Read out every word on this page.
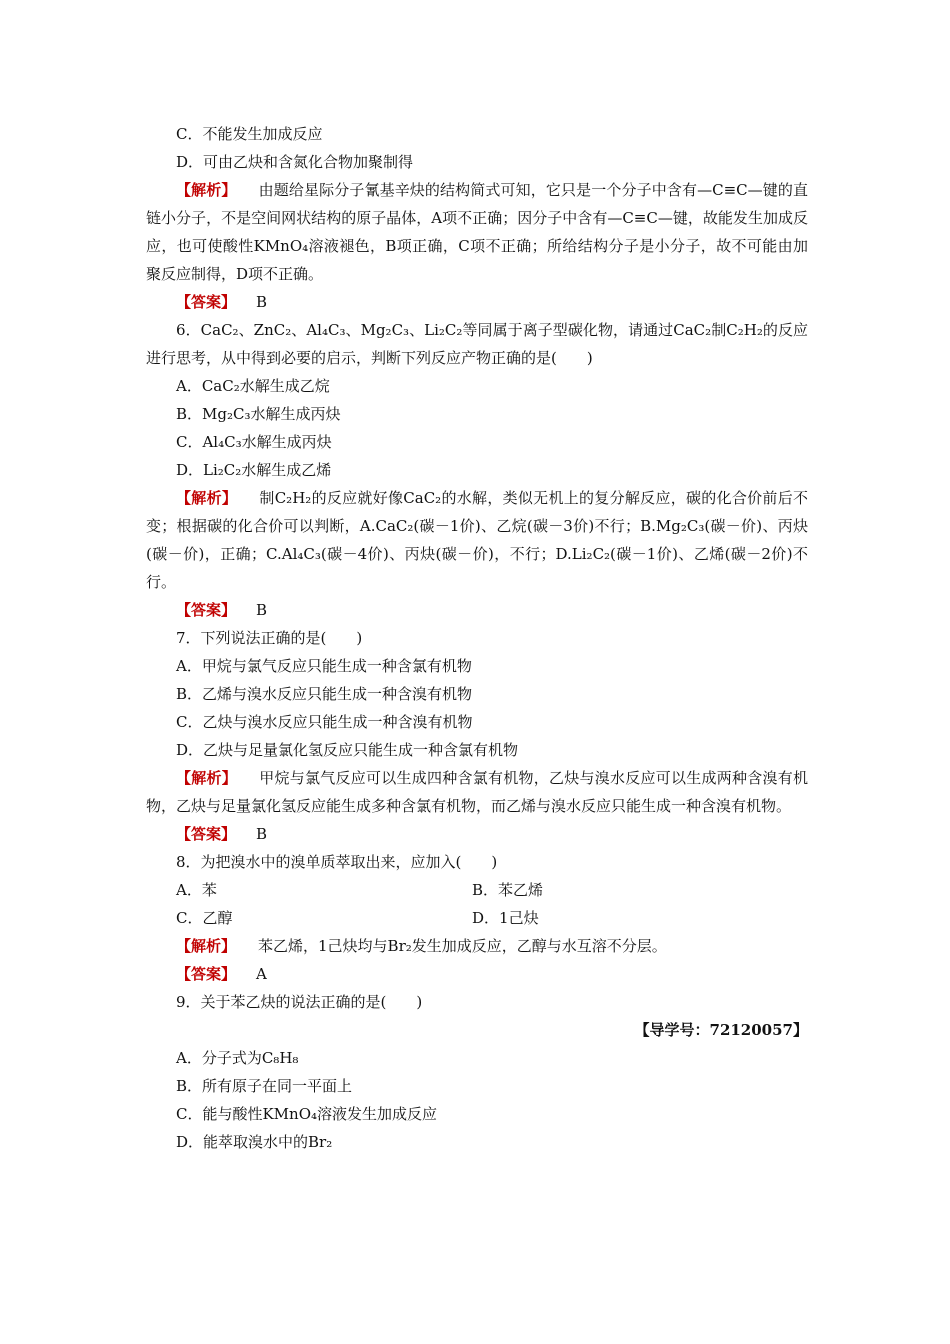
C．不能发生加成反应
D．可由乙炔和含氮化合物加聚制得
【解析】 由题给星际分子氰基辛炔的结构简式可知，它只是一个分子中含有—C≡C—键的直链小分子，不是空间网状结构的原子晶体，A项不正确；因分子中含有—C≡C—键，故能发生加成反应，也可使酸性KMnO₄溶液褪色，B项正确，C项不正确；所给结构分子是小分子，故不可能由加聚反应制得，D项不正确。
【答案】 B
6．CaC₂、ZnC₂、Al₄C₃、Mg₂C₃、Li₂C₂等同属于离子型碳化物，请通过CaC₂制C₂H₂的反应进行思考，从中得到必要的启示，判断下列反应产物正确的是(　　)
A．CaC₂水解生成乙烷
B．Mg₂C₃水解生成丙炔
C．Al₄C₃水解生成丙炔
D．Li₂C₂水解生成乙烯
【解析】 制C₂H₂的反应就好像CaC₂的水解，类似无机上的复分解反应，碳的化合价前后不变；根据碳的化合价可以判断，A.CaC₂(碳－1价)、乙烷(碳－3价)不行；B.Mg₂C₃(碳－价)、丙炔(碳－价)，正确；C.Al₄C₃(碳－4价)、丙炔(碳－价)，不行；D.Li₂C₂(碳－1价)、乙烯(碳－2价)不行。
【答案】 B
7．下列说法正确的是(　　)
A．甲烷与氯气反应只能生成一种含氯有机物
B．乙烯与溴水反应只能生成一种含溴有机物
C．乙炔与溴水反应只能生成一种含溴有机物
D．乙炔与足量氯化氢反应只能生成一种含氯有机物
【解析】 甲烷与氯气反应可以生成四种含氯有机物，乙炔与溴水反应可以生成两种含溴有机物，乙炔与足量氯化氢反应能生成多种含氯有机物，而乙烯与溴水反应只能生成一种含溴有机物。
【答案】 B
8．为把溴水中的溴单质萃取出来，应加入(　　)
A．苯	B．苯乙烯
C．乙醇	D．1己炔
【解析】 苯乙烯，1己炔均与Br₂发生加成反应，乙醇与水互溶不分层。
【答案】 A
9．关于苯乙炔的说法正确的是(　　)
【导学号：72120057】
A．分子式为C₈H₈
B．所有原子在同一平面上
C．能与酸性KMnO₄溶液发生加成反应
D．能萃取溴水中的Br₂
